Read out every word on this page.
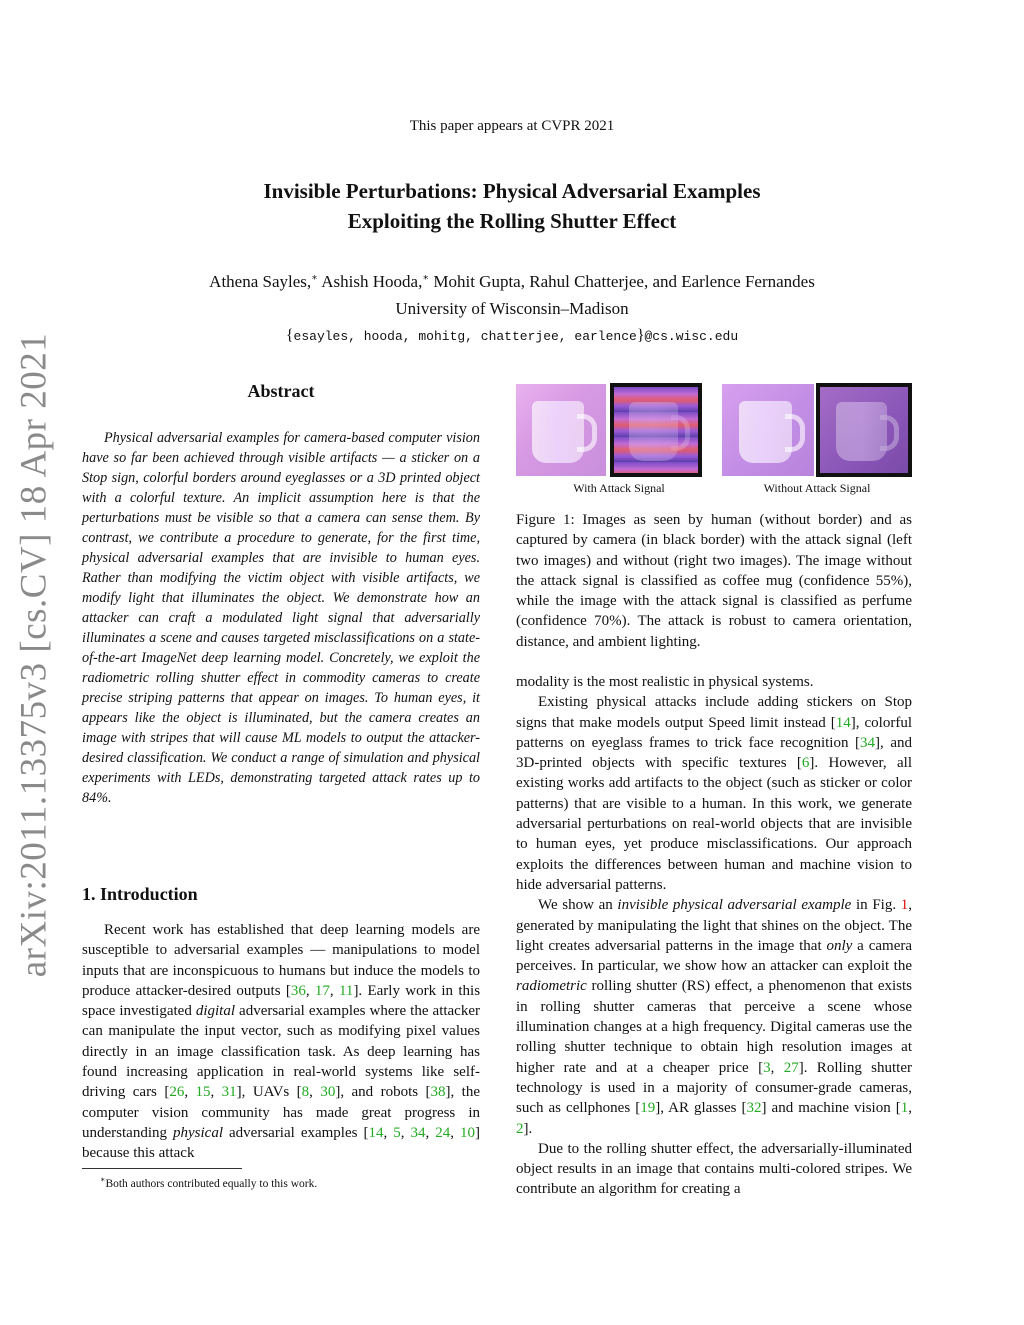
This paper appears at CVPR 2021
Invisible Perturbations: Physical Adversarial Examples
Exploiting the Rolling Shutter Effect
Athena Sayles,∗ Ashish Hooda,∗ Mohit Gupta, Rahul Chatterjee, and Earlence Fernandes
University of Wisconsin–Madison
{esayles, hooda, mohitg, chatterjee, earlence}@cs.wisc.edu
arXiv:2011.13375v3 [cs.CV] 18 Apr 2021	Abstract

Physical adversarial examples for camera-based computer vision have so far been achieved through visible artifacts — a sticker on a Stop sign, colorful borders around eyeglasses or a 3D printed object with a colorful texture. An implicit assumption here is that the perturbations must be visible so that a camera can sense them. By contrast, we contribute a procedure to generate, for the first time, physical adversarial examples that are invisible to human eyes. Rather than modifying the victim object with visible artifacts, we modify light that illuminates the object. We demonstrate how an attacker can craft a modulated light signal that adversarially illuminates a scene and causes targeted misclassifications on a state-of-the-art ImageNet deep learning model. Concretely, we exploit the radiometric rolling shutter effect in commodity cameras to create precise striping patterns that appear on images. To human eyes, it appears like the object is illuminated, but the camera creates an image with stripes that will cause ML models to output the attacker-desired classification. We conduct a range of simulation and physical experiments with LEDs, demonstrating targeted attack rates up to 84%.

1. Introduction

Recent work has established that deep learning models are susceptible to adversarial examples — manipulations to model inputs that are inconspicuous to humans but induce the models to produce attacker-desired outputs [36, 17, 11]. Early work in this space investigated digital adversarial examples where the attacker can manipulate the input vector, such as modifying pixel values directly in an image classification task. As deep learning has found increasing application in real-world systems like self-driving cars [26, 15, 31], UAVs [8, 30], and robots [38], the computer vision community has made great progress in understanding physical adversarial examples [14, 5, 34, 24, 10] because this attack

∗Both authors contributed equally to this work.
With Attack Signal	Without Attack Signal
Figure 1: Images as seen by human (without border) and as captured by camera (in black border) with the attack signal (left two images) and without (right two images). The image without the attack signal is classified as coffee mug (confidence 55%), while the image with the attack signal is classified as perfume (confidence 70%). The attack is robust to camera orientation, distance, and ambient lighting.

modality is the most realistic in physical systems.

Existing physical attacks include adding stickers on Stop signs that make models output Speed limit instead [14], colorful patterns on eyeglass frames to trick face recognition [34], and 3D-printed objects with specific textures [6]. However, all existing works add artifacts to the object (such as sticker or color patterns) that are visible to a human. In this work, we generate adversarial perturbations on real-world objects that are invisible to human eyes, yet produce misclassifications. Our approach exploits the differences between human and machine vision to hide adversarial patterns.

We show an invisible physical adversarial example in Fig. 1, generated by manipulating the light that shines on the object. The light creates adversarial patterns in the image that only a camera perceives. In particular, we show how an attacker can exploit the radiometric rolling shutter (RS) effect, a phenomenon that exists in rolling shutter cameras that perceive a scene whose illumination changes at a high frequency. Digital cameras use the rolling shutter technique to obtain high resolution images at higher rate and at a cheaper price [3, 27]. Rolling shutter technology is used in a majority of consumer-grade cameras, such as cellphones [19], AR glasses [32] and machine vision [1, 2].

Due to the rolling shutter effect, the adversarially-illuminated object results in an image that contains multi-colored stripes. We contribute an algorithm for creating a
